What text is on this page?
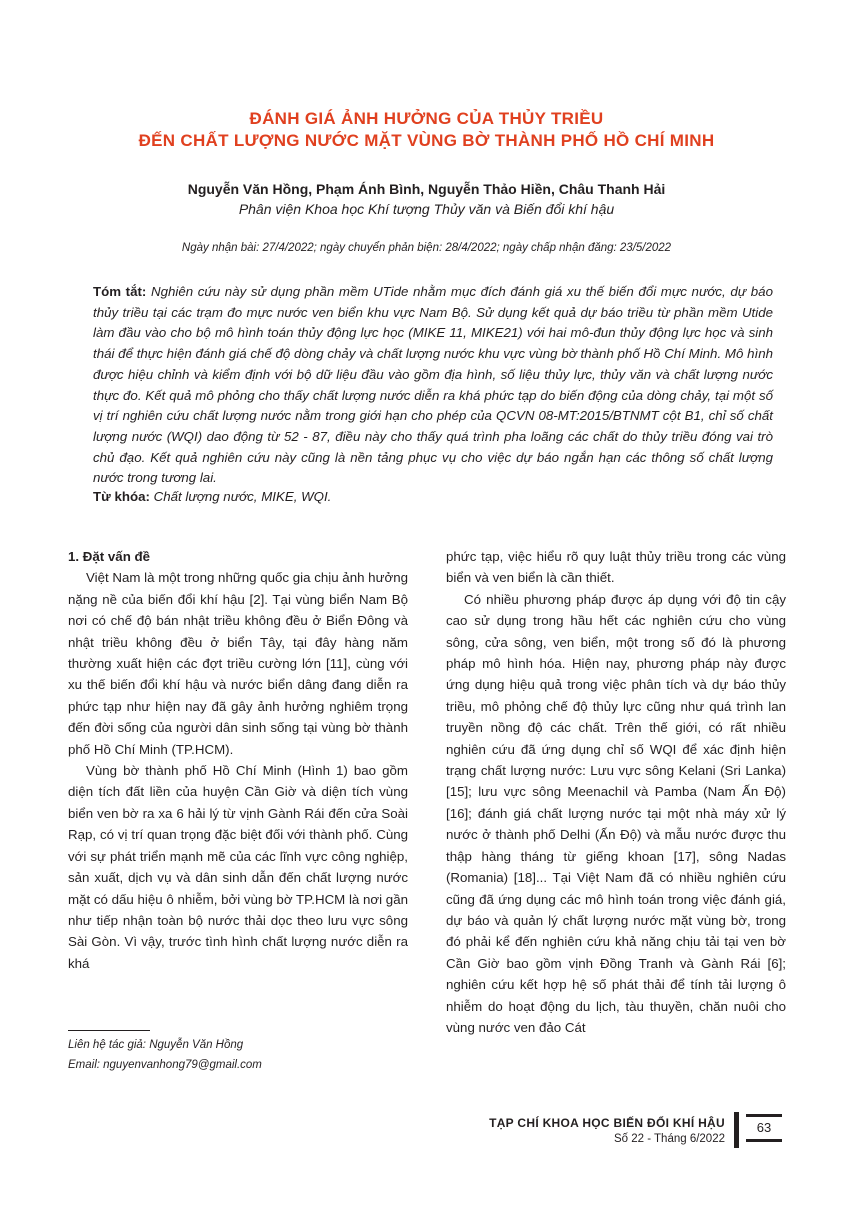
ĐÁNH GIÁ ẢNH HƯỞNG CỦA THỦY TRIỀU
ĐẾN CHẤT LƯỢNG NƯỚC MẶT VÙNG BỜ THÀNH PHỐ HỒ CHÍ MINH
Nguyễn Văn Hồng, Phạm Ánh Bình, Nguyễn Thảo Hiền, Châu Thanh Hải
Phân viện Khoa học Khí tượng Thủy văn và Biến đổi khí hậu
Ngày nhận bài: 27/4/2022; ngày chuyển phản biện: 28/4/2022; ngày chấp nhận đăng: 23/5/2022
Tóm tắt: Nghiên cứu này sử dụng phần mềm UTide nhằm mục đích đánh giá xu thế biến đổi mực nước, dự báo thủy triều tại các trạm đo mực nước ven biển khu vực Nam Bộ. Sử dụng kết quả dự báo triều từ phần mềm Utide làm đầu vào cho bộ mô hình toán thủy động lực học (MIKE 11, MIKE21) với hai mô-đun thủy động lực học và sinh thái để thực hiện đánh giá chế độ dòng chảy và chất lượng nước khu vực vùng bờ thành phố Hồ Chí Minh. Mô hình được hiệu chỉnh và kiểm định với bộ dữ liệu đầu vào gồm địa hình, số liệu thủy lực, thủy văn và chất lượng nước thực đo. Kết quả mô phỏng cho thấy chất lượng nước diễn ra khá phức tạp do biến động của dòng chảy, tại một số vị trí nghiên cứu chất lượng nước nằm trong giới hạn cho phép của QCVN 08-MT:2015/BTNMT cột B1, chỉ số chất lượng nước (WQI) dao động từ 52 - 87, điều này cho thấy quá trình pha loãng các chất do thủy triều đóng vai trò chủ đạo. Kết quả nghiên cứu này cũng là nền tảng phục vụ cho việc dự báo ngắn hạn các thông số chất lượng nước trong tương lai.
Từ khóa: Chất lượng nước, MIKE, WQI.
1. Đặt vấn đề

Việt Nam là một trong những quốc gia chịu ảnh hưởng nặng nề của biến đổi khí hậu [2]. Tại vùng biển Nam Bộ nơi có chế độ bán nhật triều không đều ở Biển Đông và nhật triều không đều ở biển Tây, tại đây hàng năm thường xuất hiện các đợt triều cường lớn [11], cùng với xu thế biến đổi khí hậu và nước biển dâng đang diễn ra phức tạp như hiện nay đã gây ảnh hưởng nghiêm trọng đến đời sống của người dân sinh sống tại vùng bờ thành phố Hồ Chí Minh (TP.HCM).

Vùng bờ thành phố Hồ Chí Minh (Hình 1) bao gồm diện tích đất liền của huyện Cần Giờ và diện tích vùng biển ven bờ ra xa 6 hải lý từ vịnh Gành Rái đến cửa Soài Rạp, có vị trí quan trọng đặc biệt đối với thành phố. Cùng với sự phát triển mạnh mẽ của các lĩnh vực công nghiệp, sản xuất, dịch vụ và dân sinh dẫn đến chất lượng nước mặt có dấu hiệu ô nhiễm, bởi vùng bờ TP.HCM là nơi gần như tiếp nhận toàn bộ nước thải dọc theo lưu vực sông Sài Gòn. Vì vậy, trước tình hình chất lượng nước diễn ra khá

phức tạp, việc hiểu rõ quy luật thủy triều trong các vùng biển và ven biển là cần thiết.

Có nhiều phương pháp được áp dụng với độ tin cậy cao sử dụng trong hầu hết các nghiên cứu cho vùng sông, cửa sông, ven biển, một trong số đó là phương pháp mô hình hóa. Hiện nay, phương pháp này được ứng dụng hiệu quả trong việc phân tích và dự báo thủy triều, mô phỏng chế độ thủy lực cũng như quá trình lan truyền nồng độ các chất. Trên thế giới, có rất nhiều nghiên cứu đã ứng dụng chỉ số WQI để xác định hiện trạng chất lượng nước: Lưu vực sông Kelani (Sri Lanka) [15]; lưu vực sông Meenachil và Pamba (Nam Ấn Độ) [16]; đánh giá chất lượng nước tại một nhà máy xử lý nước ở thành phố Delhi (Ấn Độ) và mẫu nước được thu thập hàng tháng từ giếng khoan [17], sông Nadas (Romania) [18]... Tại Việt Nam đã có nhiều nghiên cứu cũng đã ứng dụng các mô hình toán trong việc đánh giá, dự báo và quản lý chất lượng nước mặt vùng bờ, trong đó phải kể đến nghiên cứu khả năng chịu tải tại ven bờ Cần Giờ bao gồm vịnh Đồng Tranh và Gành Rái [6]; nghiên cứu kết hợp hệ số phát thải để tính tải lượng ô nhiễm do hoạt động du lịch, tàu thuyền, chăn nuôi cho vùng nước ven đảo Cát

Liên hệ tác giả: Nguyễn Văn Hồng
Email: nguyenvanhong79@gmail.com
TẠP CHÍ KHOA HỌC BIẾN ĐỔI KHÍ HẬU
Số 22 - Tháng 6/2022
63
